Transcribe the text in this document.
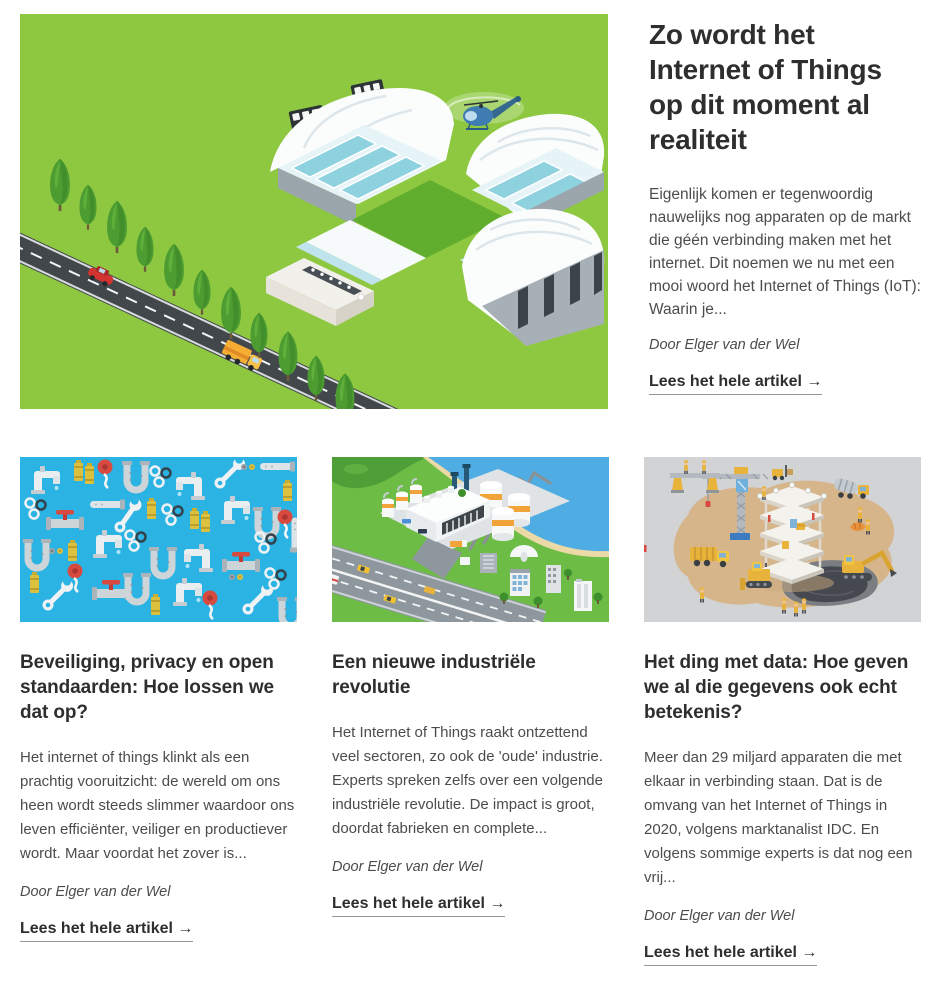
Zo wordt het Internet of Things op dit moment al realiteit

Eigenlijk komen er tegenwoordig nauwelijks nog apparaten op de markt die géén verbinding maken met het internet. Dit noemen we nu met een mooi woord het Internet of Things (IoT): Waarin je...

Door Elger van der Wel

Lees het hele artikel →
Beveiliging, privacy en open standaarden: Hoe lossen we dat op?

Het internet of things klinkt als een prachtig vooruitzicht: de wereld om ons heen wordt steeds slimmer waardoor ons leven efficiënter, veiliger en productiever wordt. Maar voordat het zover is...

Door Elger van der Wel

Lees het hele artikel →
Een nieuwe industriële revolutie

Het Internet of Things raakt ontzettend veel sectoren, zo ook de 'oude' industrie. Experts spreken zelfs over een volgende industriële revolutie. De impact is groot, doordat fabrieken en complete...

Door Elger van der Wel

Lees het hele artikel →
Het ding met data: Hoe geven we al die gegevens ook echt betekenis?

Meer dan 29 miljard apparaten die met elkaar in verbinding staan. Dat is de omvang van het Internet of Things in 2020, volgens marktanalist IDC. En volgens sommige experts is dat nog een vrij...

Door Elger van der Wel

Lees het hele artikel →
